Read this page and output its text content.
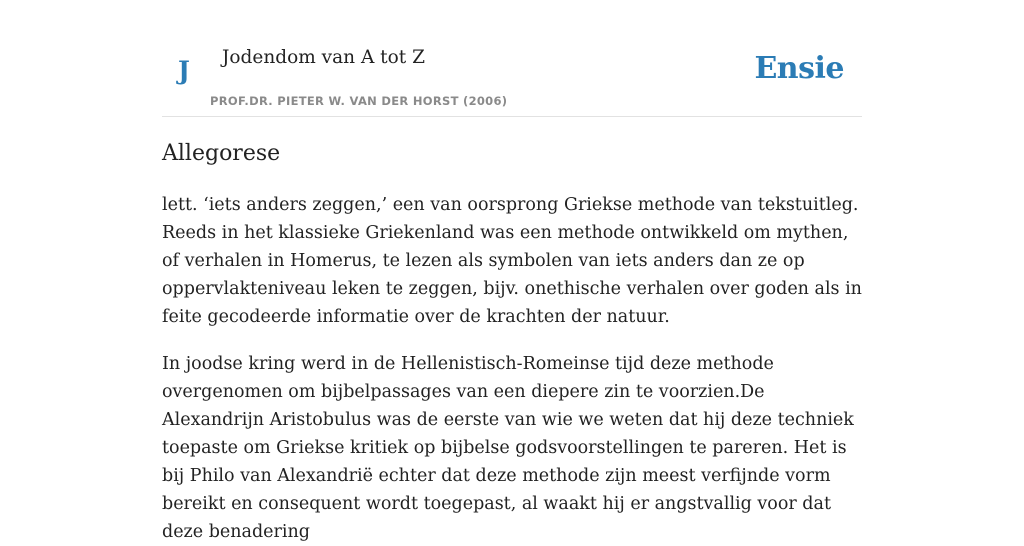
J Jodendom van A tot Z
PROF.DR. PIETER W. VAN DER HORST (2006)
Ensie
Allegorese

lett. ‘iets anders zeggen,’ een van oorsprong Griekse methode van tekstuitleg. Reeds in het klassieke Griekenland was een methode ontwikkeld om mythen, of verhalen in Homerus, te lezen als symbolen van iets anders dan ze op oppervlakteniveau leken te zeggen, bijv. onethische verhalen over goden als in feite gecodeerde informatie over de krachten der natuur.

In joodse kring werd in de Hellenistisch-Romeinse tijd deze methode overgenomen om bijbelpassages van een diepere zin te voorzien.De Alexandrijn Aristobulus was de eerste van wie we weten dat hij deze techniek toepaste om Griekse kritiek op bijbelse godsvoorstellingen te pareren. Het is bij Philo van Alexandrië echter dat deze methode zijn meest verfijnde vorm bereikt en consequent wordt toegepast, al waakt hij er angstvallig voor dat deze benadering
